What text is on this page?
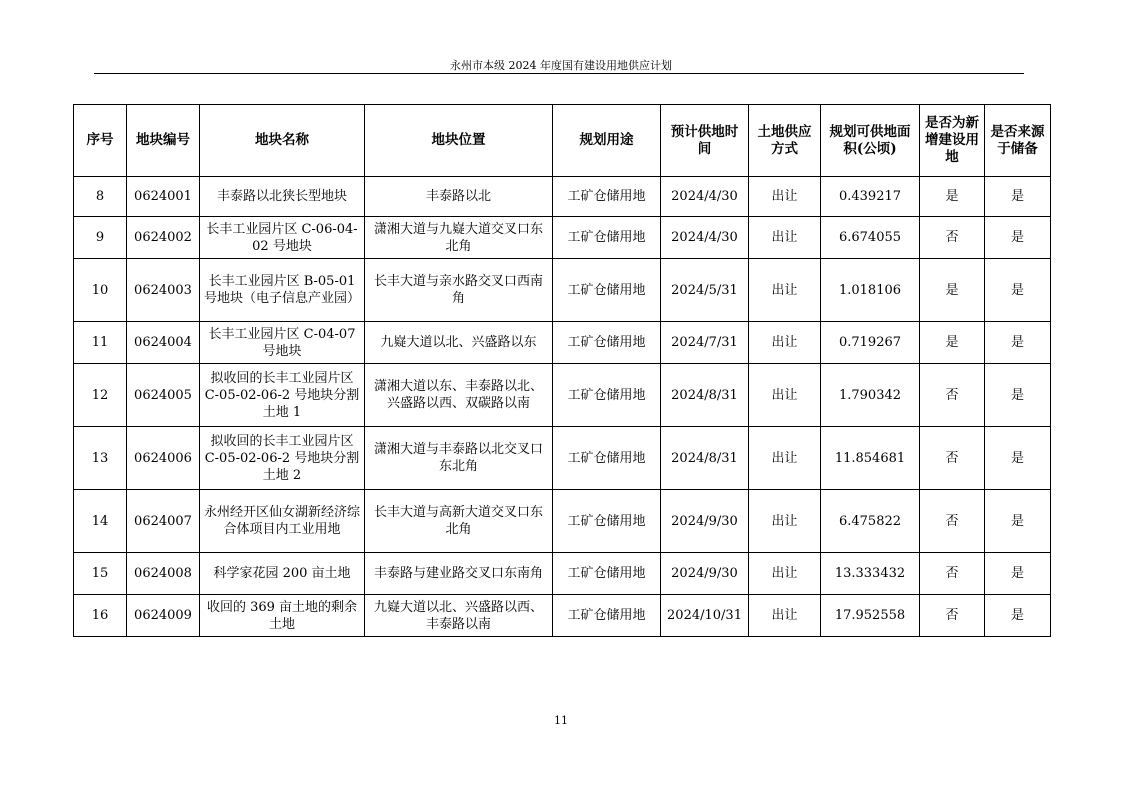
永州市本级 2024 年度国有建设用地供应计划
序号	地块编号	地块名称	地块位置	规划用途	预计供地时间	土地供应方式	规划可供地面积(公顷)	是否为新增建设用地	是否来源于储备
8	0624001	丰泰路以北狭长型地块	丰泰路以北	工矿仓储用地	2024/4/30	出让	0.439217	是	是
9	0624002	长丰工业园片区 C-06-04-02 号地块	潇湘大道与九嶷大道交叉口东北角	工矿仓储用地	2024/4/30	出让	6.674055	否	是
10	0624003	长丰工业园片区 B-05-01 号地块（电子信息产业园）	长丰大道与亲水路交叉口西南角	工矿仓储用地	2024/5/31	出让	1.018106	是	是
11	0624004	长丰工业园片区 C-04-07 号地块	九嶷大道以北、兴盛路以东	工矿仓储用地	2024/7/31	出让	0.719267	是	是
12	0624005	拟收回的长丰工业园片区 C-05-02-06-2 号地块分割土地 1	潇湘大道以东、丰泰路以北、兴盛路以西、双碳路以南	工矿仓储用地	2024/8/31	出让	1.790342	否	是
13	0624006	拟收回的长丰工业园片区 C-05-02-06-2 号地块分割土地 2	潇湘大道与丰泰路以北交叉口东北角	工矿仓储用地	2024/8/31	出让	11.854681	否	是
14	0624007	永州经开区仙女湖新经济综合体项目内工业用地	长丰大道与高新大道交叉口东北角	工矿仓储用地	2024/9/30	出让	6.475822	否	是
15	0624008	科学家花园 200 亩土地	丰泰路与建业路交叉口东南角	工矿仓储用地	2024/9/30	出让	13.333432	否	是
16	0624009	收回的 369 亩土地的剩余土地	九嶷大道以北、兴盛路以西、丰泰路以南	工矿仓储用地	2024/10/31	出让	17.952558	否	是
11
